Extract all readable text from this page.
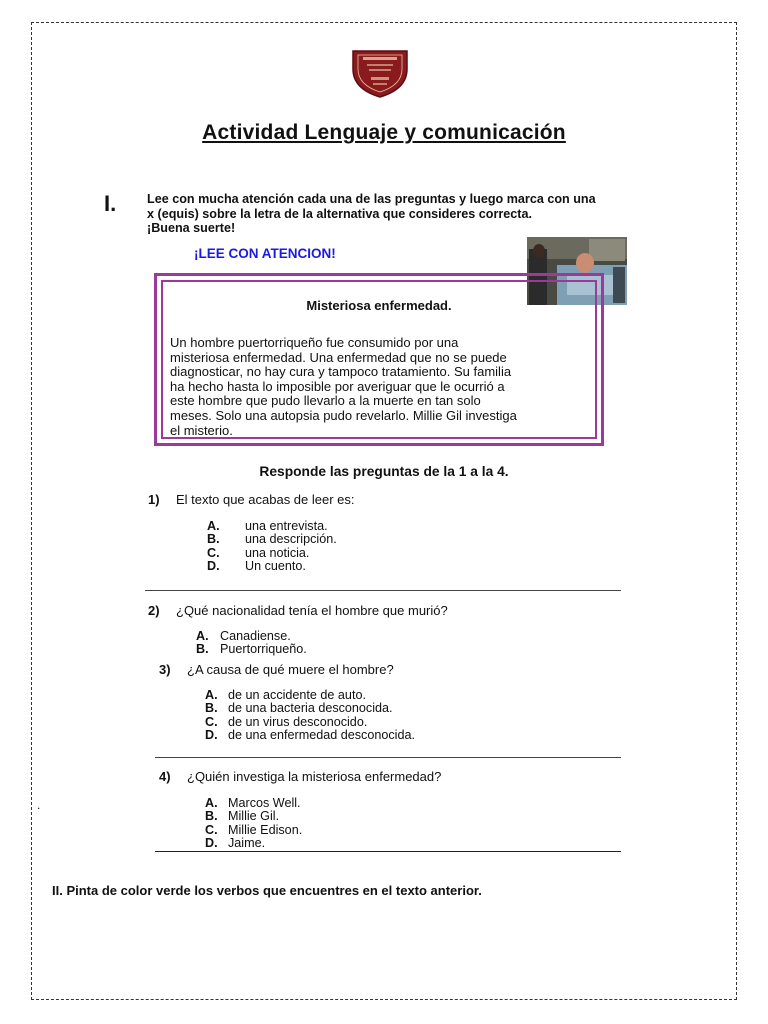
Actividad Lenguaje y comunicación
I. Lee con mucha atención cada una de las preguntas y luego marca con una x (equis) sobre la letra de la alternativa que consideres correcta.¡Buena suerte!
¡LEE CON ATENCION!
Misteriosa enfermedad.
Un hombre puertorriqueño fue consumido por una
misteriosa enfermedad. Una enfermedad que no se puede
diagnosticar, no hay cura y tampoco tratamiento. Su familia
ha hecho hasta lo imposible por averiguar que le ocurrió a
este hombre que pudo llevarlo a la muerte en tan solo
meses. Solo una autopsia pudo revelarlo. Millie Gil investiga
el misterio.
Responde las preguntas de la 1 a la 4.
1) El texto que acabas de leer es:
A. una entrevista.
B. una descripción.
C. una noticia.
D. Un cuento.
2) ¿Qué nacionalidad tenía el hombre que murió?
A. Canadiense.
B. Puertorriqueño.
3) ¿A causa de qué muere el hombre?
A. de un accidente de auto.
B. de una bacteria desconocida.
C. de un virus desconocido.
D. de una enfermedad desconocida.
4) ¿Quién investiga la misteriosa enfermedad?
A. Marcos Well.
B. Millie Gil.
C. Millie Edison.
D. Jaime.
.
II. Pinta de color verde los verbos que encuentres en el texto anterior.
